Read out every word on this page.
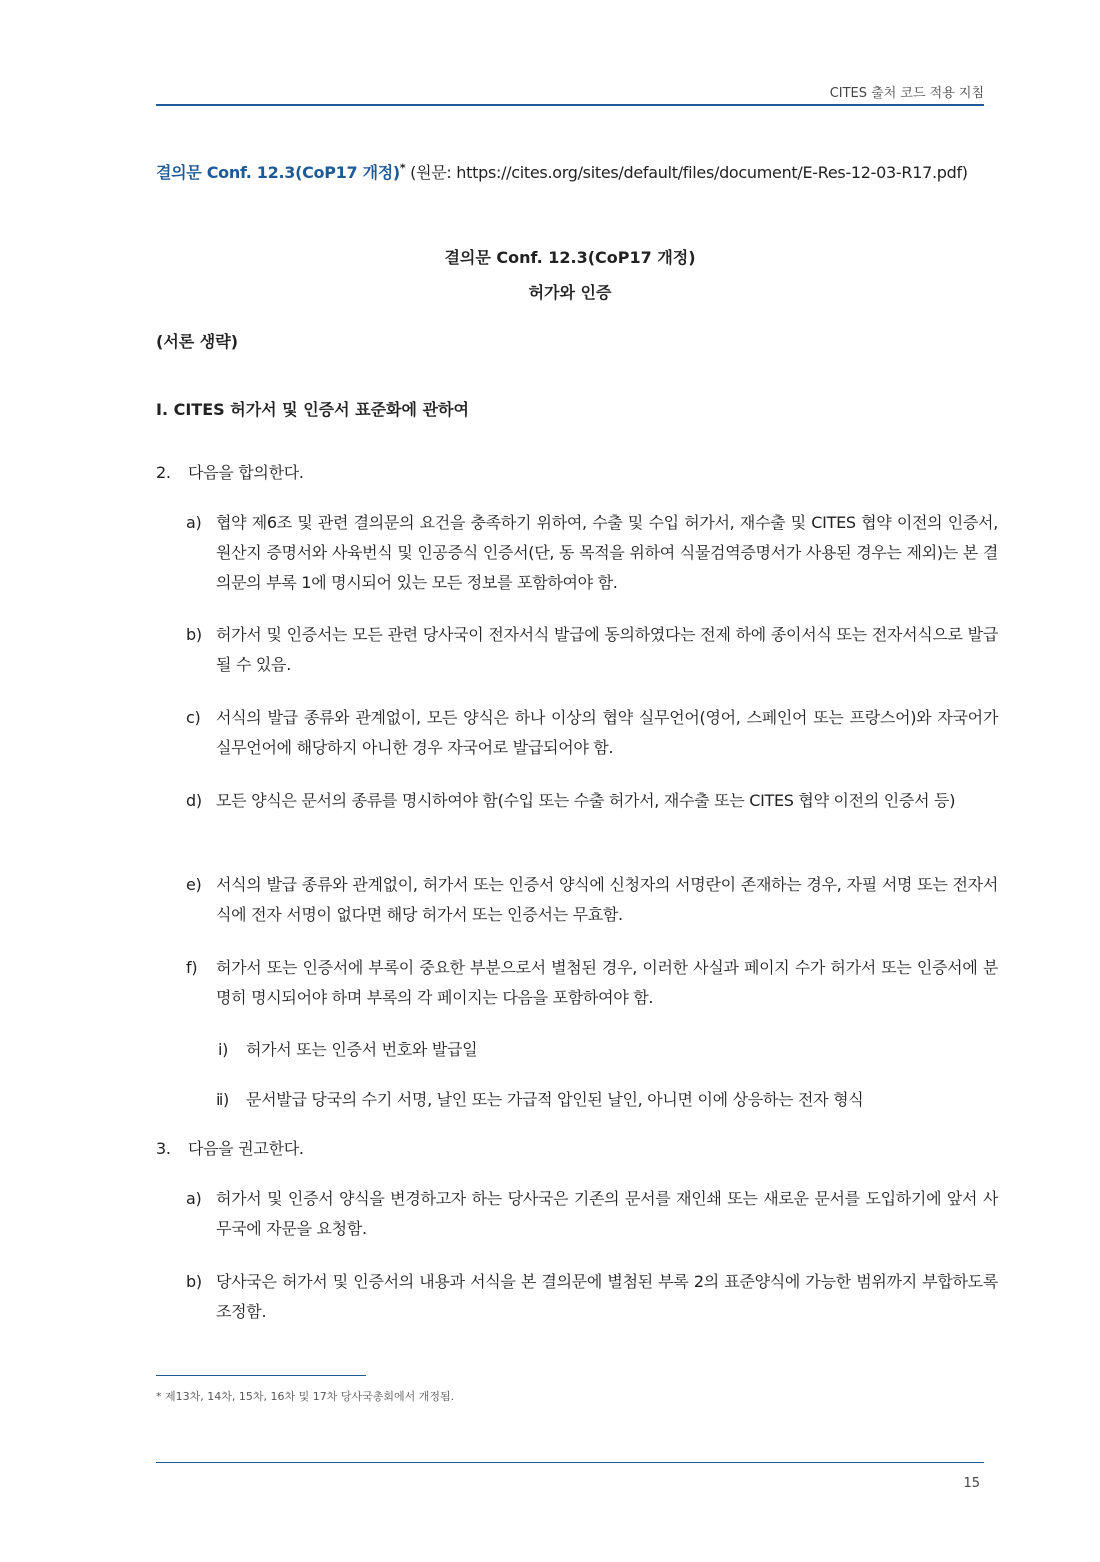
CITES 출처 코드 적용 지침
결의문 Conf. 12.3(CoP17 개정)* (원문: https://cites.org/sites/default/files/document/E-Res-12-03-R17.pdf)
결의문 Conf. 12.3(CoP17 개정)
허가와 인증
(서론 생략)
Ⅰ. CITES 허가서 및 인증서 표준화에 관하여
2.	다음을 합의한다.
a) 협약 제6조 및 관련 결의문의 요건을 충족하기 위하여, 수출 및 수입 허가서, 재수출 및 CITES 협약 이전의 인증서, 원산지 증명서와 사육번식 및 인공증식 인증서(단, 동 목적을 위하여 식물검역증명서가 사용된 경우는 제외)는 본 결의문의 부록 1에 명시되어 있는 모든 정보를 포함하여야 함.
b) 허가서 및 인증서는 모든 관련 당사국이 전자서식 발급에 동의하였다는 전제 하에 종이서식 또는 전자서식으로 발급될 수 있음.
c) 서식의 발급 종류와 관계없이, 모든 양식은 하나 이상의 협약 실무언어(영어, 스페인어 또는 프랑스어)와 자국어가 실무언어에 해당하지 아니한 경우 자국어로 발급되어야 함.
d) 모든 양식은 문서의 종류를 명시하여야 함(수입 또는 수출 허가서, 재수출 또는 CITES 협약 이전의 인증서 등)
e) 서식의 발급 종류와 관계없이, 허가서 또는 인증서 양식에 신청자의 서명란이 존재하는 경우, 자필 서명 또는 전자서식에 전자 서명이 없다면 해당 허가서 또는 인증서는 무효함.
f)	허가서 또는 인증서에 부록이 중요한 부분으로서 별첨된 경우, 이러한 사실과 페이지 수가 허가서 또는 인증서에 분명히 명시되어야 하며 부록의 각 페이지는 다음을 포함하여야 함.
ⅰ)	허가서 또는 인증서 번호와 발급일
ⅱ)	문서발급 당국의 수기 서명, 날인 또는 가급적 압인된 날인, 아니면 이에 상응하는 전자 형식
3.	다음을 권고한다.
a) 허가서 및 인증서 양식을 변경하고자 하는 당사국은 기존의 문서를 재인쇄 또는 새로운 문서를 도입하기에 앞서 사무국에 자문을 요청함.
b) 당사국은 허가서 및 인증서의 내용과 서식을 본 결의문에 별첨된 부록 2의 표준양식에 가능한 범위까지 부합하도록 조정함.
* 제13차, 14차, 15차, 16차 및 17차 당사국총회에서 개정됨.
15
